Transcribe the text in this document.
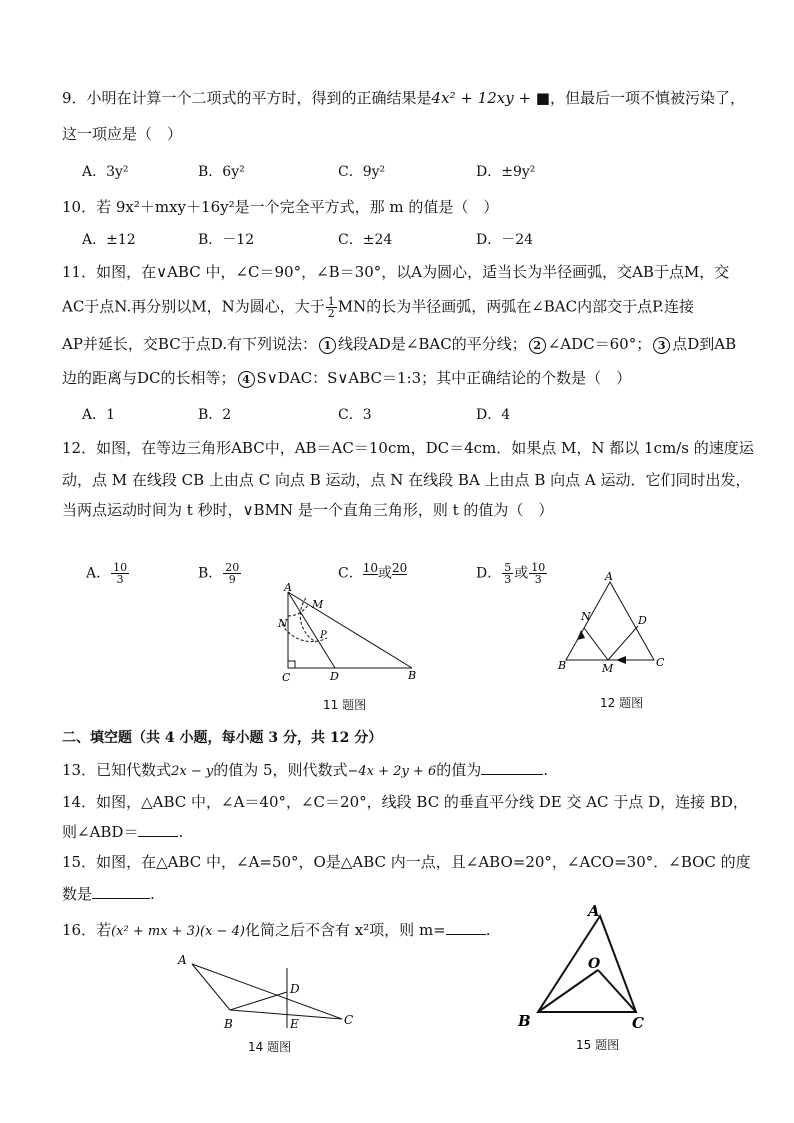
9．小明在计算一个二项式的平方时，得到的正确结果是4x² + 12xy + ■，但最后一项不慎被污染了，
这一项应是（　）
A．3y²	B．6y²	C．9y²	D．±9y²
10．若 9x²＋mxy＋16y²是一个完全平方式，那 m 的值是（　）
A．±12	B．－12	C．±24	D．－24
11．如图，在∨ABC 中，∠C＝90°，∠B＝30°，以A为圆心，适当长为半径画弧，交AB于点M，交
AC于点N.再分别以M，N为圆心，大于 $\frac{1}{2}$ MN的长为半径画弧，两弧在∠BAC内部交于点P.连接
AP并延长，交BC于点D.有下列说法： 1 线段AD是∠BAC的平分线； 2 ∠ADC＝60°； 3 点D到AB
边的距离与DC的长相等； 4 S∨DAC：S∨ABC＝1:3；其中正确结论的个数是（　）
A．1	B．2	C．3	D．4
12．如图，在等边三角形ABC中，AB＝AC＝10cm，DC＝4cm．如果点 M，N 都以 1cm/s 的速度运
动，点 M 在线段 CB 上由点 C 向点 B 运动，点 N 在线段 BA 上由点 B 向点 A 运动．它们同时出发，
当两点运动时间为 t 秒时，∨BMN 是一个直角三角形，则 t 的值为（　）
A． $\frac{10}{3}$	B． $\frac{20}{9}$	C．10或20	D． $\frac{5}{3}$ 或 $\frac{10}{3}$
A
M
N
P
C	D	B
11 题图
A
N	D
B	M	C
12 题图
二、填空题（共 4 小题，每小题 3 分，共 12 分）
13．已知代数式2x − y的值为 5，则代数式−4x + 2y + 6的值为	.
14．如图，△ABC 中，∠A＝40°，∠C＝20°，线段 BC 的垂直平分线 DE 交 AC 于点 D，连接 BD，
则∠ABD＝	.
15．如图，在△ABC 中，∠A=50°，O是△ABC 内一点，且∠ABO=20°，∠ACO=30°．∠BOC 的度
数是	.
16．若(x² + mx + 3)(x − 4)化简之后不含有 x²项，则 m=	.
A
D
B	E	C
14 题图
A
O
B	C
15 题图
